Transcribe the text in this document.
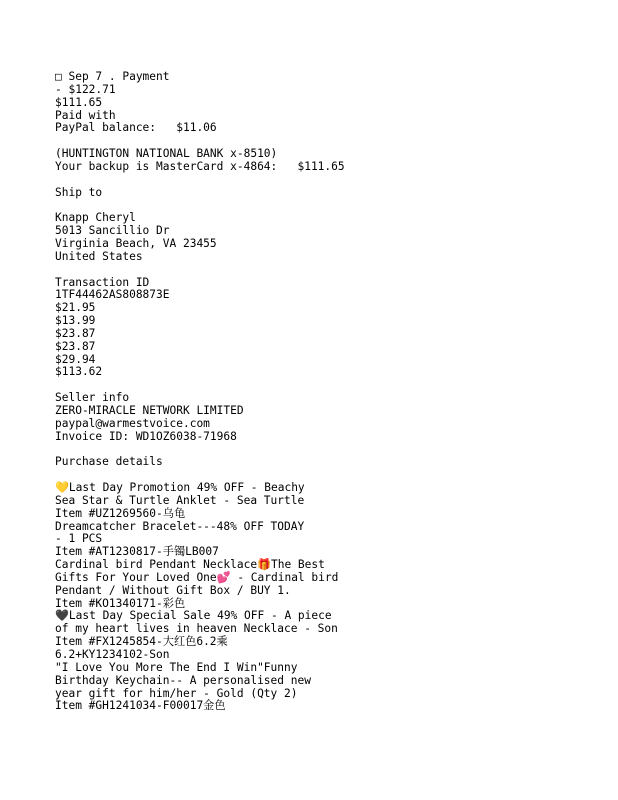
□ Sep 7 . Payment
- $122.71
$111.65
Paid with
PayPal balance:   $11.06
(HUNTINGTON NATIONAL BANK x-8510)
Your backup is MasterCard x-4864:   $111.65
Ship to
Knapp Cheryl
5013 Sancillio Dr
Virginia Beach, VA 23455
United States
Transaction ID
1TF44462AS808873E
$21.95
$13.99
$23.87
$23.87
$29.94
$113.62
Seller info
ZERO-MIRACLE NETWORK LIMITED
paypal@warmestvoice.com
Invoice ID: WD1OZ6038-71968
Purchase details
💛Last Day Promotion 49% OFF - Beachy
Sea Star & Turtle Anklet - Sea Turtle
Item #UZ1269560-乌龟
Dreamcatcher Bracelet---48% OFF TODAY
- 1 PCS
Item #AT1230817-手镯LB007
Cardinal bird Pendant Necklace🎁The Best
Gifts For Your Loved One💕 - Cardinal bird
Pendant / Without Gift Box / BUY 1.
Item #KO1340171-彩色
🖤Last Day Special Sale 49% OFF - A piece
of my heart lives in heaven Necklace - Son
Item #FX1245854-大红色6.2乘
6.2+KY1234102-Son
"I Love You More The End I Win"Funny
Birthday Keychain-- A personalised new
year gift for him/her - Gold (Qty 2)
Item #GH1241034-F00017金色
